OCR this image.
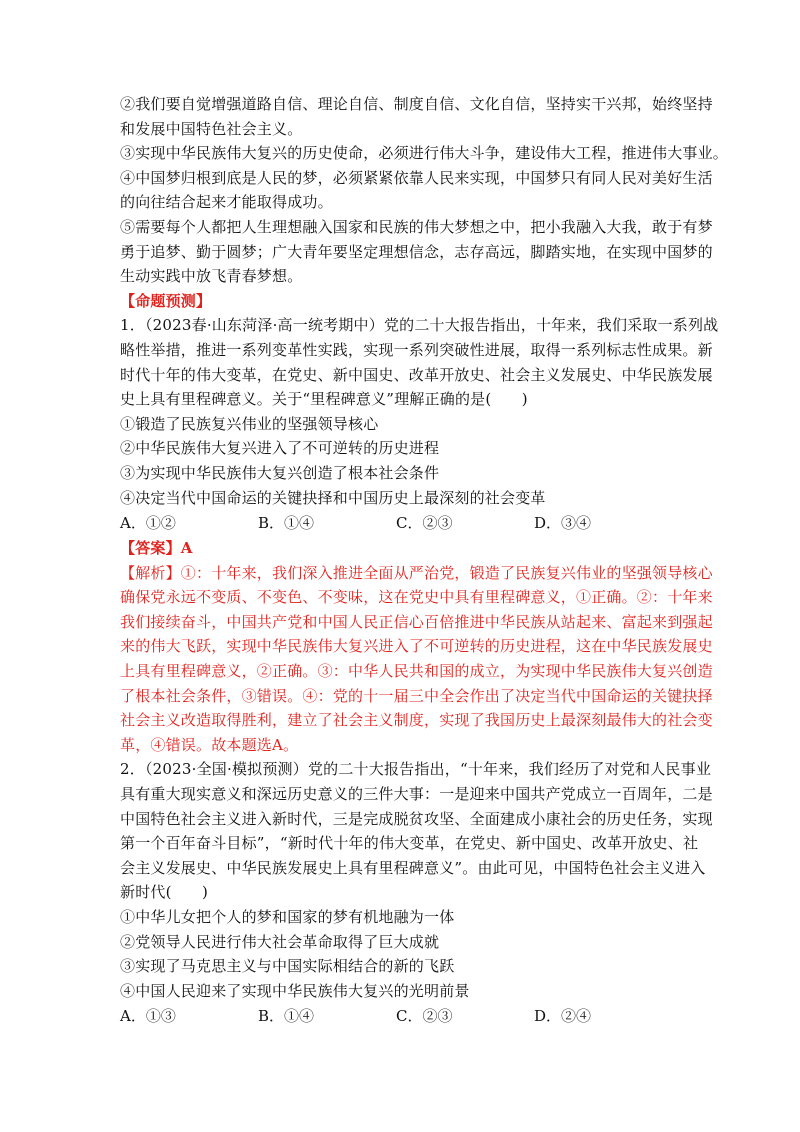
②我们要自觉增强道路自信、理论自信、制度自信、文化自信，坚持实干兴邦，始终坚持
和发展中国特色社会主义。
③实现中华民族伟大复兴的历史使命，必须进行伟大斗争，建设伟大工程，推进伟大事业。
④中国梦归根到底是人民的梦，必须紧紧依靠人民来实现，中国梦只有同人民对美好生活
的向往结合起来才能取得成功。
⑤需要每个人都把人生理想融入国家和民族的伟大梦想之中，把小我融入大我，敢于有梦
勇于追梦、勤于圆梦；广大青年要坚定理想信念，志存高远，脚踏实地，在实现中国梦的
生动实践中放飞青春梦想。
【命题预测】
1．（2023春·山东菏泽·高一统考期中）党的二十大报告指出，十年来，我们采取一系列战
略性举措，推进一系列变革性实践，实现一系列突破性进展，取得一系列标志性成果。新
时代十年的伟大变革，在党史、新中国史、改革开放史、社会主义发展史、中华民族发展
史上具有里程碑意义。关于“里程碑意义”理解正确的是(　　)
①锻造了民族复兴伟业的坚强领导核心
②中华民族伟大复兴进入了不可逆转的历史进程
③为实现中华民族伟大复兴创造了根本社会条件
④决定当代中国命运的关键抉择和中国历史上最深刻的社会变革
A．①②	B．①④	C．②③	D．③④
【答案】A
【解析】①：十年来，我们深入推进全面从严治党，锻造了民族复兴伟业的坚强领导核心
确保党永远不变质、不变色、不变味，这在党史中具有里程碑意义，①正确。②：十年来
我们接续奋斗，中国共产党和中国人民正信心百倍推进中华民族从站起来、富起来到强起
来的伟大飞跃，实现中华民族伟大复兴进入了不可逆转的历史进程，这在中华民族发展史
上具有里程碑意义，②正确。③：中华人民共和国的成立，为实现中华民族伟大复兴创造
了根本社会条件，③错误。④：党的十一届三中全会作出了决定当代中国命运的关键抉择
社会主义改造取得胜利，建立了社会主义制度，实现了我国历史上最深刻最伟大的社会变
革，④错误。故本题选A。
2．（2023·全国·模拟预测）党的二十大报告指出，“十年来，我们经历了对党和人民事业
具有重大现实意义和深远历史意义的三件大事：一是迎来中国共产党成立一百周年，二是
中国特色社会主义进入新时代，三是完成脱贫攻坚、全面建成小康社会的历史任务，实现
第一个百年奋斗目标”，“新时代十年的伟大变革，在党史、新中国史、改革开放史、社
会主义发展史、中华民族发展史上具有里程碑意义”。由此可见，中国特色社会主义进入
新时代(　　)
①中华儿女把个人的梦和国家的梦有机地融为一体
②党领导人民进行伟大社会革命取得了巨大成就
③实现了马克思主义与中国实际相结合的新的飞跃
④中国人民迎来了实现中华民族伟大复兴的光明前景
A．①③	B．①④	C．②③	D．②④
